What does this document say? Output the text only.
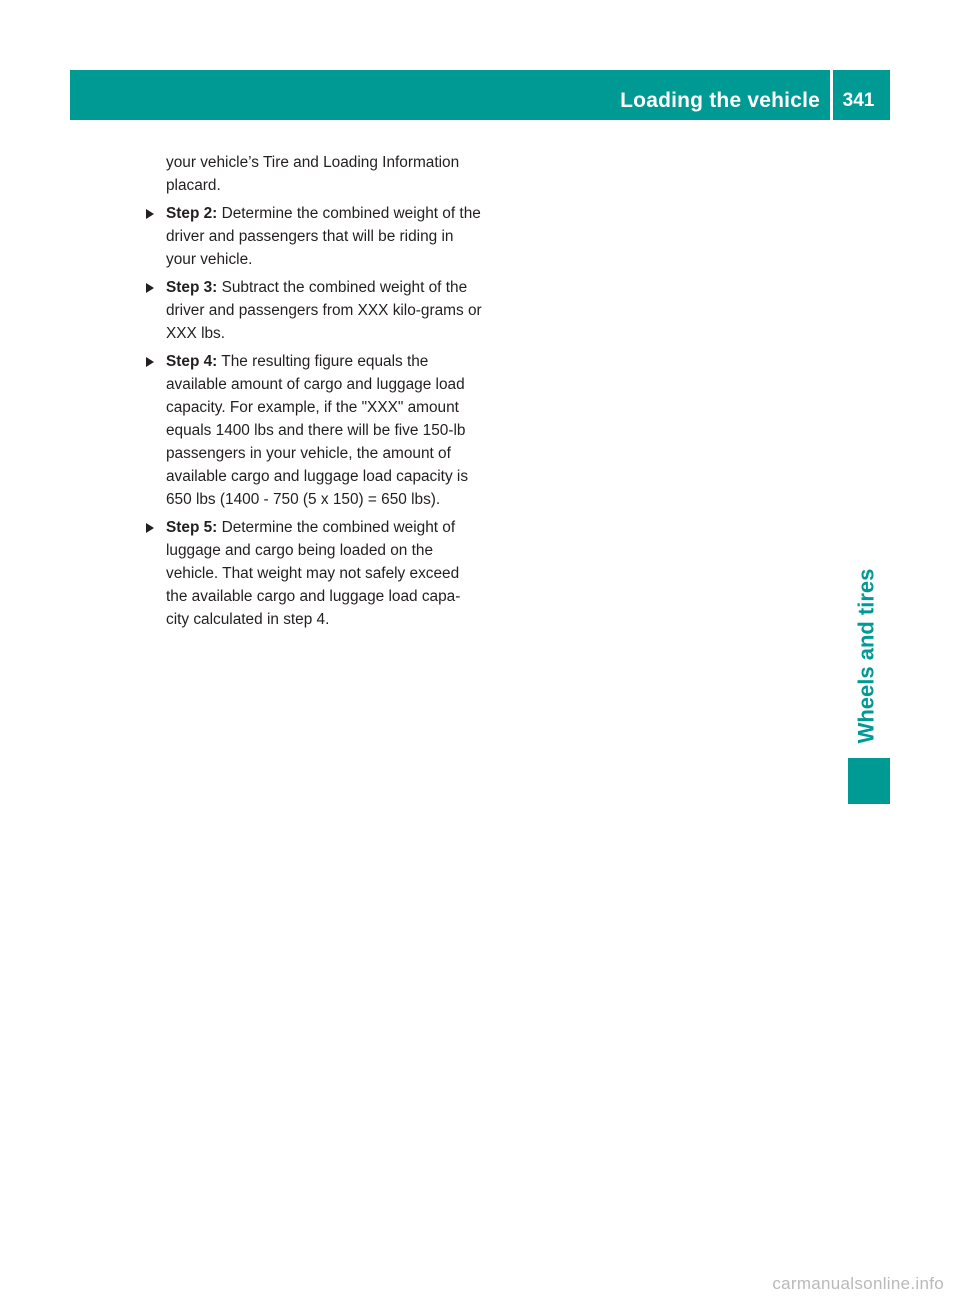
Loading the vehicle	341
Wheels and tires

your vehicle’s Tire and Loading Information placard.

Step 2: Determine the combined weight of the driver and passengers that will be riding in your vehicle.

Step 3: Subtract the combined weight of the driver and passengers from XXX kilo-grams or XXX lbs.

Step 4: The resulting figure equals the available amount of cargo and luggage load capacity. For example, if the "XXX" amount equals 1400 lbs and there will be five 150-lb passengers in your vehicle, the amount of available cargo and luggage load capacity is 650 lbs (1400 - 750 (5 x 150) = 650 lbs).

Step 5: Determine the combined weight of luggage and cargo being loaded on the vehicle. That weight may not safely exceed the available cargo and luggage load capa-city calculated in step 4.

carmanualsonline.info
